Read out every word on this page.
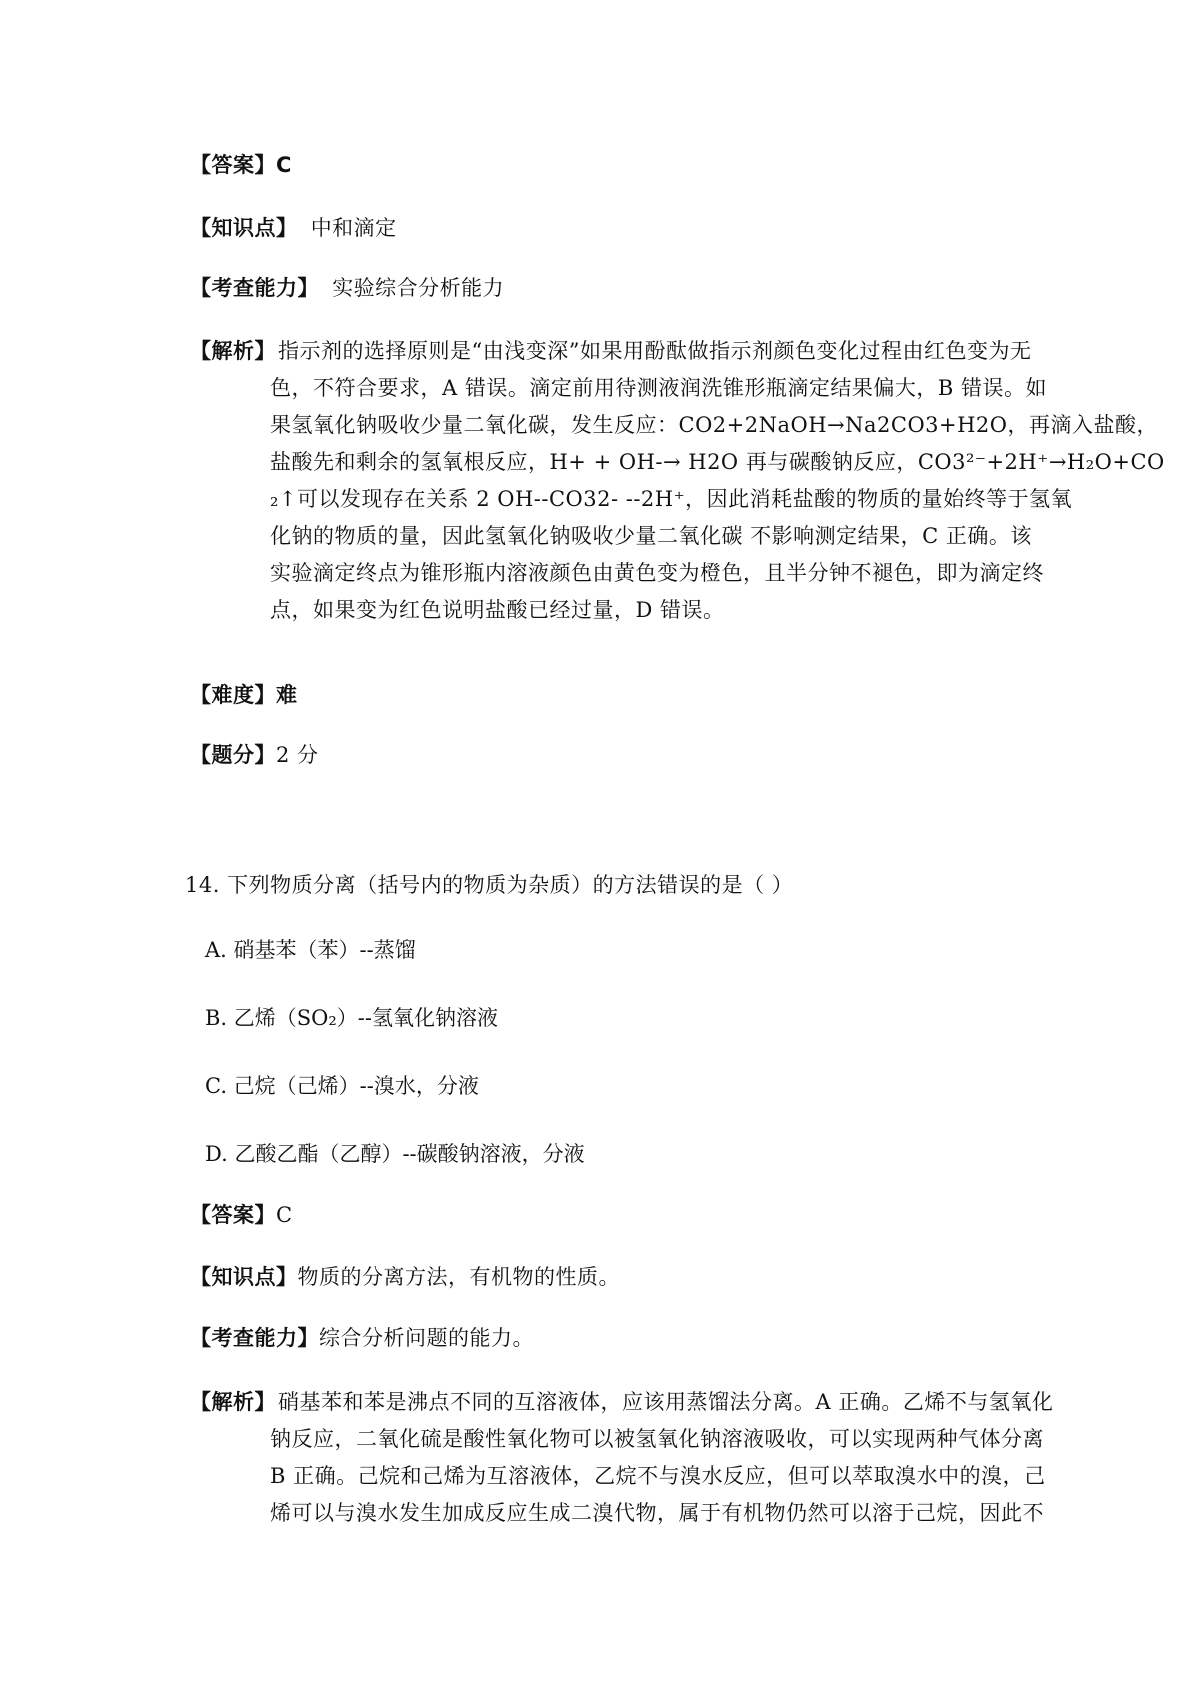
【答案】C
【知识点】 中和滴定
【考查能力】 实验综合分析能力
【解析】 指示剂的选择原则是“由浅变深”如果用酚酞做指示剂颜色变化过程由红色变为无

色，不符合要求，A 错误。滴定前用待测液润洗锥形瓶滴定结果偏大，B 错误。如

果氢氧化钠吸收少量二氧化碳，发生反应：CO2+2NaOH→Na2CO3+H2O，再滴入盐酸，

盐酸先和剩余的氢氧根反应，H+ + OH-→ H2O 再与碳酸钠反应，CO3²⁻+2H⁺→H₂O+CO

₂↑可以发现存在关系 2 OH--CO32- --2H⁺，因此消耗盐酸的物质的量始终等于氢氧

化钠的物质的量，因此氢氧化钠吸收少量二氧化碳 不影响测定结果，C 正确。该

实验滴定终点为锥形瓶内溶液颜色由黄色变为橙色，且半分钟不褪色，即为滴定终

点，如果变为红色说明盐酸已经过量，D 错误。

【难度】难
【题分】2 分
14. 下列物质分离（括号内的物质为杂质）的方法错误的是（ ）
A. 硝基苯（苯）--蒸馏
B. 乙烯（SO₂）--氢氧化钠溶液
C. 己烷（己烯）--溴水，分液
D. 乙酸乙酯（乙醇）--碳酸钠溶液，分液
【答案】C
【知识点】物质的分离方法，有机物的性质。
【考查能力】综合分析问题的能力。
【解析】 硝基苯和苯是沸点不同的互溶液体，应该用蒸馏法分离。A 正确。乙烯不与氢氧化

钠反应，二氧化硫是酸性氧化物可以被氢氧化钠溶液吸收，可以实现两种气体分离

B 正确。己烷和己烯为互溶液体，乙烷不与溴水反应，但可以萃取溴水中的溴，己

烯可以与溴水发生加成反应生成二溴代物，属于有机物仍然可以溶于己烷，因此不
